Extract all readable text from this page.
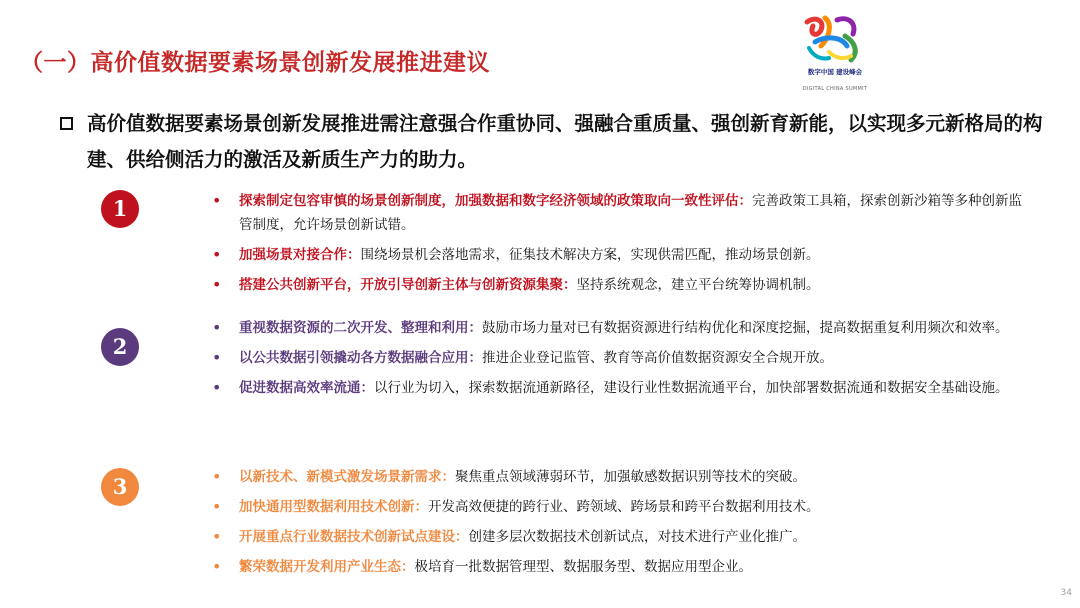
（一）高价值数据要素场景创新发展推进建议	数字中国 建设峰会
DIGITAL CHINA SUMMIT
高价值数据要素场景创新发展推进需注意强合作重协同、强融合重质量、强创新育新能，以实现多元新格局的构建、供给侧活力的激活及新质生产力的助力。
1	• 探索制定包容审慎的场景创新制度，加强数据和数字经济领域的政策取向一致性评估：完善政策工具箱，探索创新沙箱等多种创新监管制度，允许场景创新试错。
• 加强场景对接合作：围绕场景机会落地需求，征集技术解决方案，实现供需匹配，推动场景创新。
• 搭建公共创新平台，开放引导创新主体与创新资源集聚：坚持系统观念，建立平台统筹协调机制。
2
• 重视数据资源的二次开发、整理和利用：鼓励市场力量对已有数据资源进行结构优化和深度挖掘，提高数据重复利用频次和效率。
• 以公共数据引领撬动各方数据融合应用：推进企业登记监管、教育等高价值数据资源安全合规开放。
• 促进数据高效率流通：以行业为切入，探索数据流通新路径，建设行业性数据流通平台，加快部署数据流通和数据安全基础设施。
3	• 以新技术、新模式激发场景新需求：聚焦重点领域薄弱环节，加强敏感数据识别等技术的突破。
• 加快通用型数据利用技术创新：开发高效便捷的跨行业、跨领域、跨场景和跨平台数据利用技术。
• 开展重点行业数据技术创新试点建设：创建多层次数据技术创新试点，对技术进行产业化推广。
• 繁荣数据开发利用产业生态：极培育一批数据管理型、数据服务型、数据应用型企业。
34
